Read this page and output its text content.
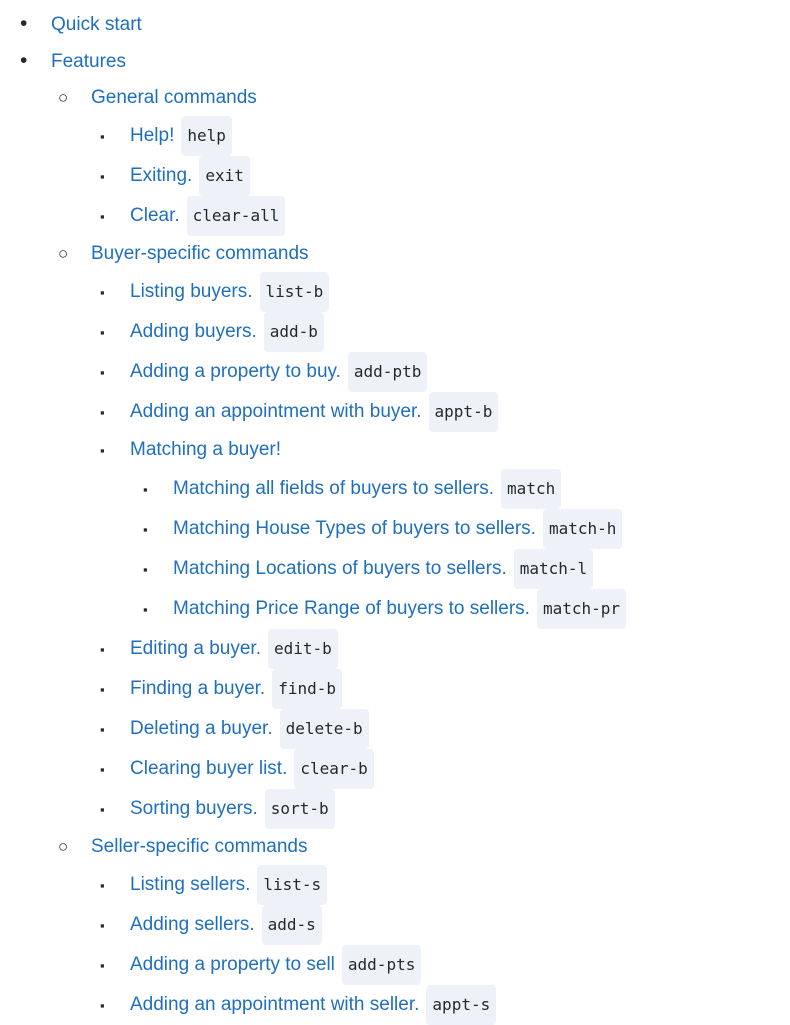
•	Quick start
•	Features
○	General commands
▪	Help! help
▪	Exiting. exit
▪	Clear. clear-all
○	Buyer-specific commands
▪	Listing buyers. list-b
▪	Adding buyers. add-b
▪	Adding a property to buy. add-ptb
▪	Adding an appointment with buyer. appt-b
▪	Matching a buyer!
▪	Matching all fields of buyers to sellers. match
▪	Matching House Types of buyers to sellers. match-h
▪	Matching Locations of buyers to sellers. match-l
▪	Matching Price Range of buyers to sellers. match-pr
▪	Editing a buyer. edit-b
▪	Finding a buyer. find-b
▪	Deleting a buyer. delete-b
▪	Clearing buyer list. clear-b
▪	Sorting buyers. sort-b
○	Seller-specific commands
▪	Listing sellers. list-s
▪	Adding sellers. add-s
▪	Adding a property to sell add-pts
▪	Adding an appointment with seller. appt-s
